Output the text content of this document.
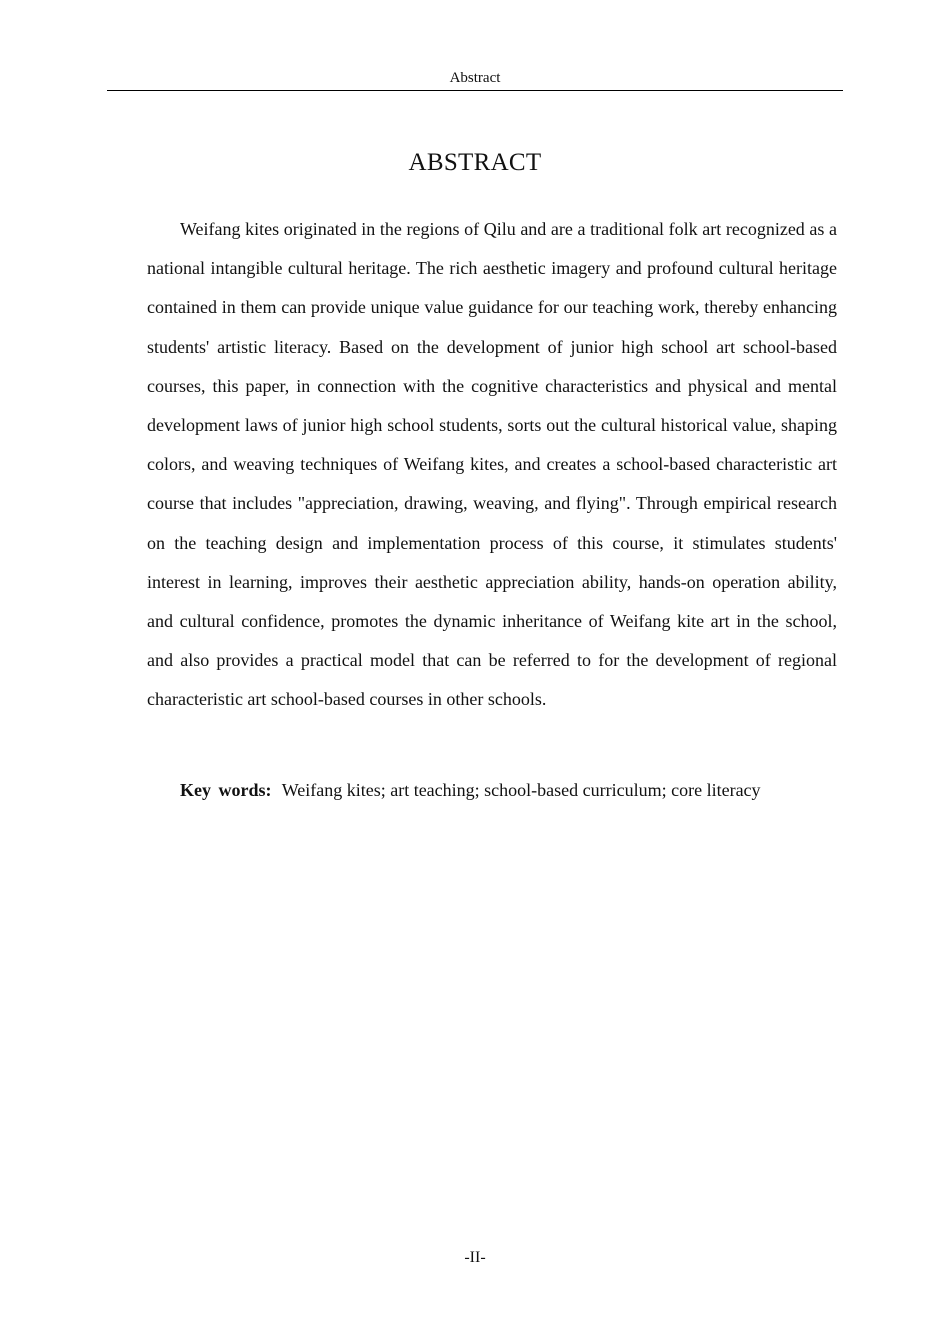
Abstract
ABSTRACT

Weifang kites originated in the regions of Qilu and are a traditional folk art recognized as a national intangible cultural heritage. The rich aesthetic imagery and profound cultural heritage contained in them can provide unique value guidance for our teaching work, thereby enhancing students' artistic literacy. Based on the development of junior high school art school-based courses, this paper, in connection with the cognitive characteristics and physical and mental development laws of junior high school students, sorts out the cultural historical value, shaping colors, and weaving techniques of Weifang kites, and creates a school-based characteristic art course that includes "appreciation, drawing, weaving, and flying". Through empirical research on the teaching design and implementation process of this course, it stimulates students' interest in learning, improves their aesthetic appreciation ability, hands-on operation ability, and cultural confidence, promotes the dynamic inheritance of Weifang kite art in the school, and also provides a practical model that can be referred to for the development of regional characteristic art school-based courses in other schools.

Key words: Weifang kites; art teaching; school-based curriculum; core literacy

-II-
